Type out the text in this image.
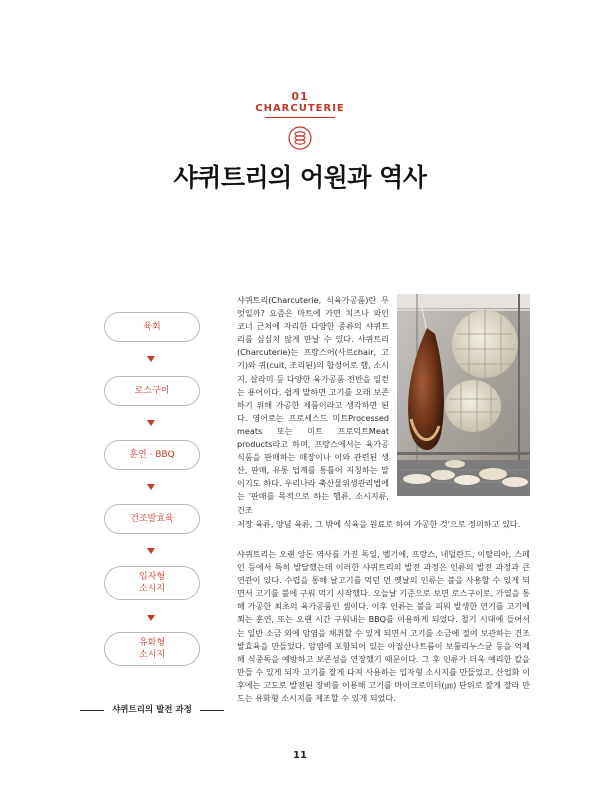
01
CHARCUTERIE
샤퀴트리의 어원과 역사
육회
로스구이
훈연 · BBQ
건조발효육
입자형
소시지
유화형
소시지
샤퀴트리의 발전 과정
샤퀴트리(Charcuterie, 식육가공품)란 무엇일까? 요즘은 마트에 가면 치즈나 와인 코너 근처에 자리한 다양한 종류의 샤퀴트리를 심심치 않게 만날 수 있다. 샤퀴트리(Charcuterie)는 프랑스어(사르chair, 고기)와 퀴(cuit, 조리된)의 합성어로 햄, 소시지, 살라미 등 다양한 육가공품 전반을 일컫는 용어이다. 쉽게 말하면 고기를 오래 보존하기 위해 가공한 제품이라고 생각하면 된다. 영어로는 프로세스드 미트Processed meats 또는 미트 프로덕트Meat products라고 하며, 프랑스에서는 육가공 식품을 판매하는 매장이나 이와 관련된 생산, 판매, 유통 업계를 통틀어 지칭하는 말이기도 하다. 우리나라 축산물위생관리법에는 '판매를 목적으로 하는 햄류, 소시지류, 건조
저장 육류, 양념 육류, 그 밖에 식육을 원료로 하여 가공한 것'으로 정의하고 있다.
샤퀴트리는 오랜 앙돈 역사를 가진 독일, 벨기에, 프랑스, 네덜란드, 이탈리아, 스페인 등에서 특히 발달했는데 이러한 샤퀴트리의 발전 과정은 인류의 발전 과정과 큰 연관이 있다. 수렵을 통해 날고기를 먹던 먼 옛날의 인류는 불을 사용할 수 있게 되면서 고기를 불에 구워 먹기 시작했다. 오늘날 기준으로 보면 로스구이로, 가열을 통해 가공한 최초의 육가공품인 셈이다. 이후 인류는 불을 피워 발생한 연기를 고기에 쬐는 훈연, 또는 오랜 시간 구워내는 BBQ를 이용하게 되었다. 철기 시대에 들어서는 일반 소금 외에 암염을 채취할 수 있게 되면서 고기를 소금에 절여 보관하는 건조발효육을 만들었다. 암염에 포함되어 있는 아질산나트륨이 보툴리누스균 등을 억제해 식중독을 예방하고 보존성을 연장했기 때문이다. 그 후 인류가 더욱 예리한 칼을 만들 수 있게 되자 고기를 잘게 다져 사용하는 입자형 소시지를 만들었고, 산업화 이후에는 고도로 발전된 장비를 이용해 고기를 마이크로미터(㎛) 단위로 잘게 잘라 만드는 유화형 소시지를 제조할 수 있게 되었다.
11
